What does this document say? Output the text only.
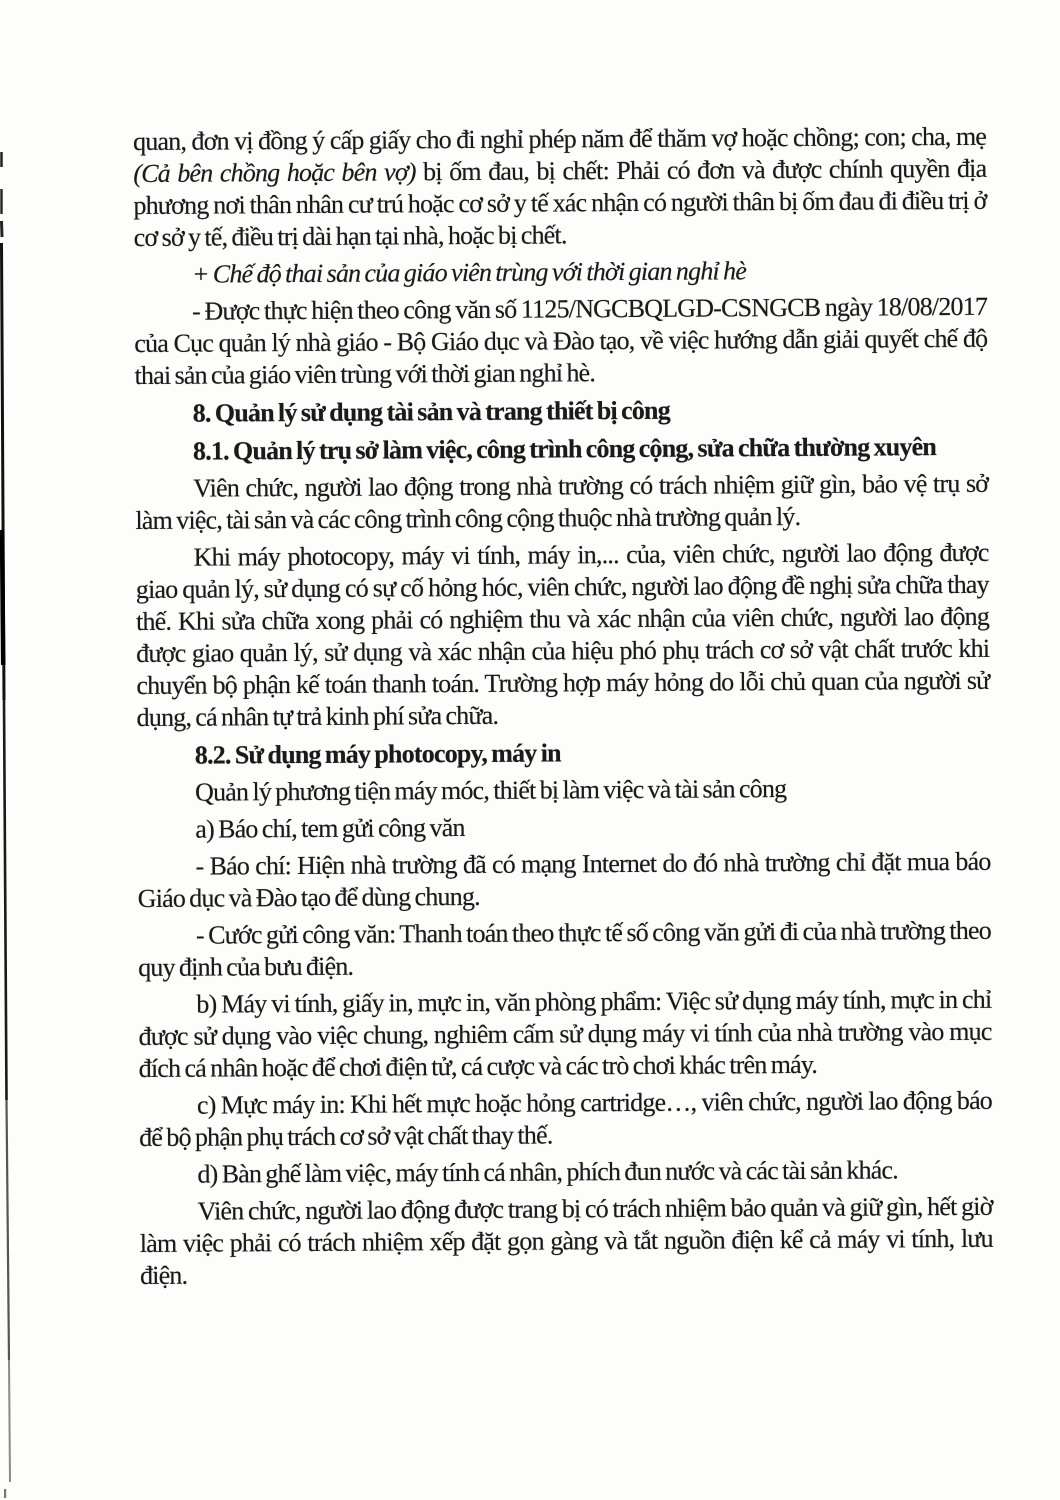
quan, đơn vị đồng ý cấp giấy cho đi nghỉ phép năm để thăm vợ hoặc chồng; con; cha, mẹ (Cả bên chồng hoặc bên vợ) bị ốm đau, bị chết: Phải có đơn và được chính quyền địa phương nơi thân nhân cư trú hoặc cơ sở y tế xác nhận có người thân bị ốm đau đi điều trị ở cơ sở y tế, điều trị dài hạn tại nhà, hoặc bị chết.

+ Chế độ thai sản của giáo viên trùng với thời gian nghỉ hè

- Được thực hiện theo công văn số 1125/NGCBQLGD-CSNGCB ngày 18/08/2017 của Cục quản lý nhà giáo - Bộ Giáo dục và Đào tạo, về việc hướng dẫn giải quyết chế độ thai sản của giáo viên trùng với thời gian nghỉ hè.

8. Quản lý sử dụng tài sản và trang thiết bị công

8.1. Quản lý trụ sở làm việc, công trình công cộng, sửa chữa thường xuyên

Viên chức, người lao động trong nhà trường có trách nhiệm giữ gìn, bảo vệ trụ sở làm việc, tài sản và các công trình công cộng thuộc nhà trường quản lý.

Khi máy photocopy, máy vi tính, máy in,... của, viên chức, người lao động được giao quản lý, sử dụng có sự cố hỏng hóc, viên chức, người lao động đề nghị sửa chữa thay thế. Khi sửa chữa xong phải có nghiệm thu và xác nhận của viên chức, người lao động được giao quản lý, sử dụng và xác nhận của hiệu phó phụ trách cơ sở vật chất trước khi chuyển bộ phận kế toán thanh toán. Trường hợp máy hỏng do lỗi chủ quan của người sử dụng, cá nhân tự trả kinh phí sửa chữa.

8.2. Sử dụng máy photocopy, máy in

Quản lý phương tiện máy móc, thiết bị làm việc và tài sản công

a) Báo chí, tem gửi công văn

- Báo chí: Hiện nhà trường đã có mạng Internet do đó nhà trường chỉ đặt mua báo Giáo dục và Đào tạo để dùng chung.

- Cước gửi công văn: Thanh toán theo thực tế số công văn gửi đi của nhà trường theo quy định của bưu điện.

b) Máy vi tính, giấy in, mực in, văn phòng phẩm: Việc sử dụng máy tính, mực in chỉ được sử dụng vào việc chung, nghiêm cấm sử dụng máy vi tính của nhà trường vào mục đích cá nhân hoặc để chơi điện tử, cá cược và các trò chơi khác trên máy.

c) Mực máy in: Khi hết mực hoặc hỏng cartridge…, viên chức, người lao động báo để bộ phận phụ trách cơ sở vật chất thay thế.

d) Bàn ghế làm việc, máy tính cá nhân, phích đun nước và các tài sản khác.

Viên chức, người lao động được trang bị có trách nhiệm bảo quản và giữ gìn, hết giờ làm việc phải có trách nhiệm xếp đặt gọn gàng và tắt nguồn điện kể cả máy vi tính, lưu điện.
